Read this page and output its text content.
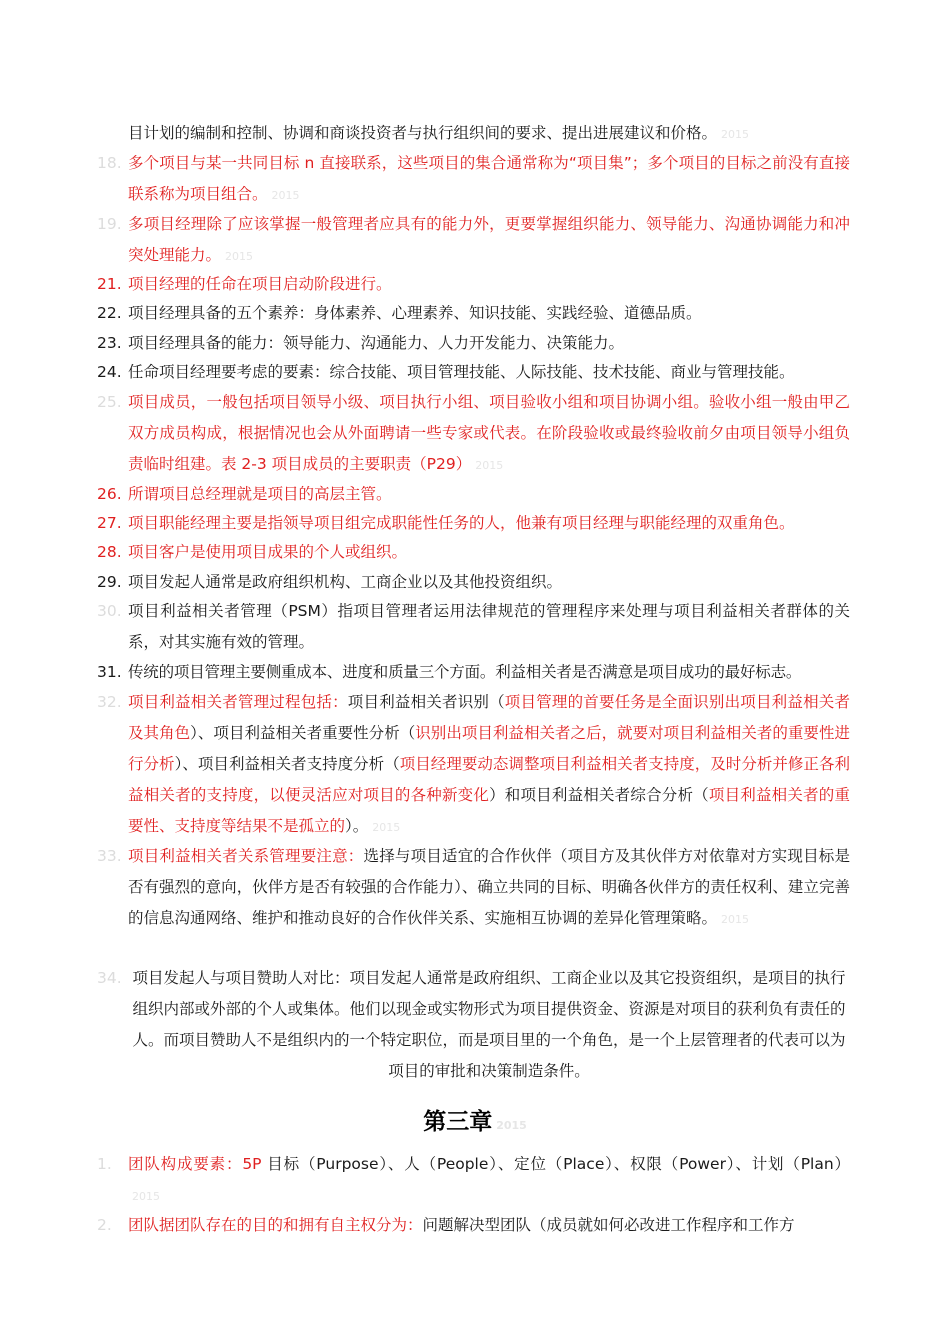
目计划的编制和控制、协调和商谈投资者与执行组织间的要求、提出进展建议和价格。 2015
18. 多个项目与某一共同目标 n 直接联系，这些项目的集合通常称为“项目集”；多个项目的目标之前没有直接联系称为项目组合。 2015
19. 多项目经理除了应该掌握一般管理者应具有的能力外，更要掌握组织能力、领导能力、沟通协调能力和冲突处理能力。 2015
21. 项目经理的任命在项目启动阶段进行。
22. 项目经理具备的五个素养：身体素养、心理素养、知识技能、实践经验、道德品质。
23. 项目经理具备的能力：领导能力、沟通能力、人力开发能力、决策能力。
24. 任命项目经理要考虑的要素：综合技能、项目管理技能、人际技能、技术技能、商业与管理技能。
25. 项目成员，一般包括项目领导小级、项目执行小组、项目验收小组和项目协调小组。验收小组一般由甲乙双方成员构成，根据情况也会从外面聘请一些专家或代表。在阶段验收或最终验收前夕由项目领导小组负责临时组建。表 2-3 项目成员的主要职责（P29） 2015
26. 所谓项目总经理就是项目的高层主管。
27. 项目职能经理主要是指领导项目组完成职能性任务的人，他兼有项目经理与职能经理的双重角色。
28. 项目客户是使用项目成果的个人或组织。
29. 项目发起人通常是政府组织机构、工商企业以及其他投资组织。
30. 项目利益相关者管理（PSM）指项目管理者运用法律规范的管理程序来处理与项目利益相关者群体的关系，对其实施有效的管理。
31. 传统的项目管理主要侧重成本、进度和质量三个方面。利益相关者是否满意是项目成功的最好标志。
32. 项目利益相关者管理过程包括：项目利益相关者识别（项目管理的首要任务是全面识别出项目利益相关者及其角色）、项目利益相关者重要性分析（识别出项目利益相关者之后，就要对项目利益相关者的重要性进行分析）、项目利益相关者支持度分析（项目经理要动态调整项目利益相关者支持度，及时分析并修正各利益相关者的支持度，以便灵活应对项目的各种新变化）和项目利益相关者综合分析（项目利益相关者的重要性、支持度等结果不是孤立的）。 2015
33. 项目利益相关者关系管理要注意：选择与项目适宜的合作伙伴（项目方及其伙伴方对依靠对方实现目标是否有强烈的意向，伙伴方是否有较强的合作能力）、确立共同的目标、明确各伙伴方的责任权利、建立完善的信息沟通网络、维护和推动良好的合作伙伴关系、实施相互协调的差异化管理策略。 2015
34. 项目发起人与项目赞助人对比：项目发起人通常是政府组织、工商企业以及其它投资组织，是项目的执行组织内部或外部的个人或集体。他们以现金或实物形式为项目提供资金、资源是对项目的获利负有责任的人。而项目赞助人不是组织内的一个特定职位，而是项目里的一个角色，是一个上层管理者的代表可以为项目的审批和决策制造条件。
第三章 2015
1.	团队构成要素：5P 目标（Purpose）、人（People）、定位（Place）、权限（Power）、计划（Plan）2015
2.	团队据团队存在的目的和拥有自主权分为：问题解决型团队（成员就如何必改进工作程序和工作方
